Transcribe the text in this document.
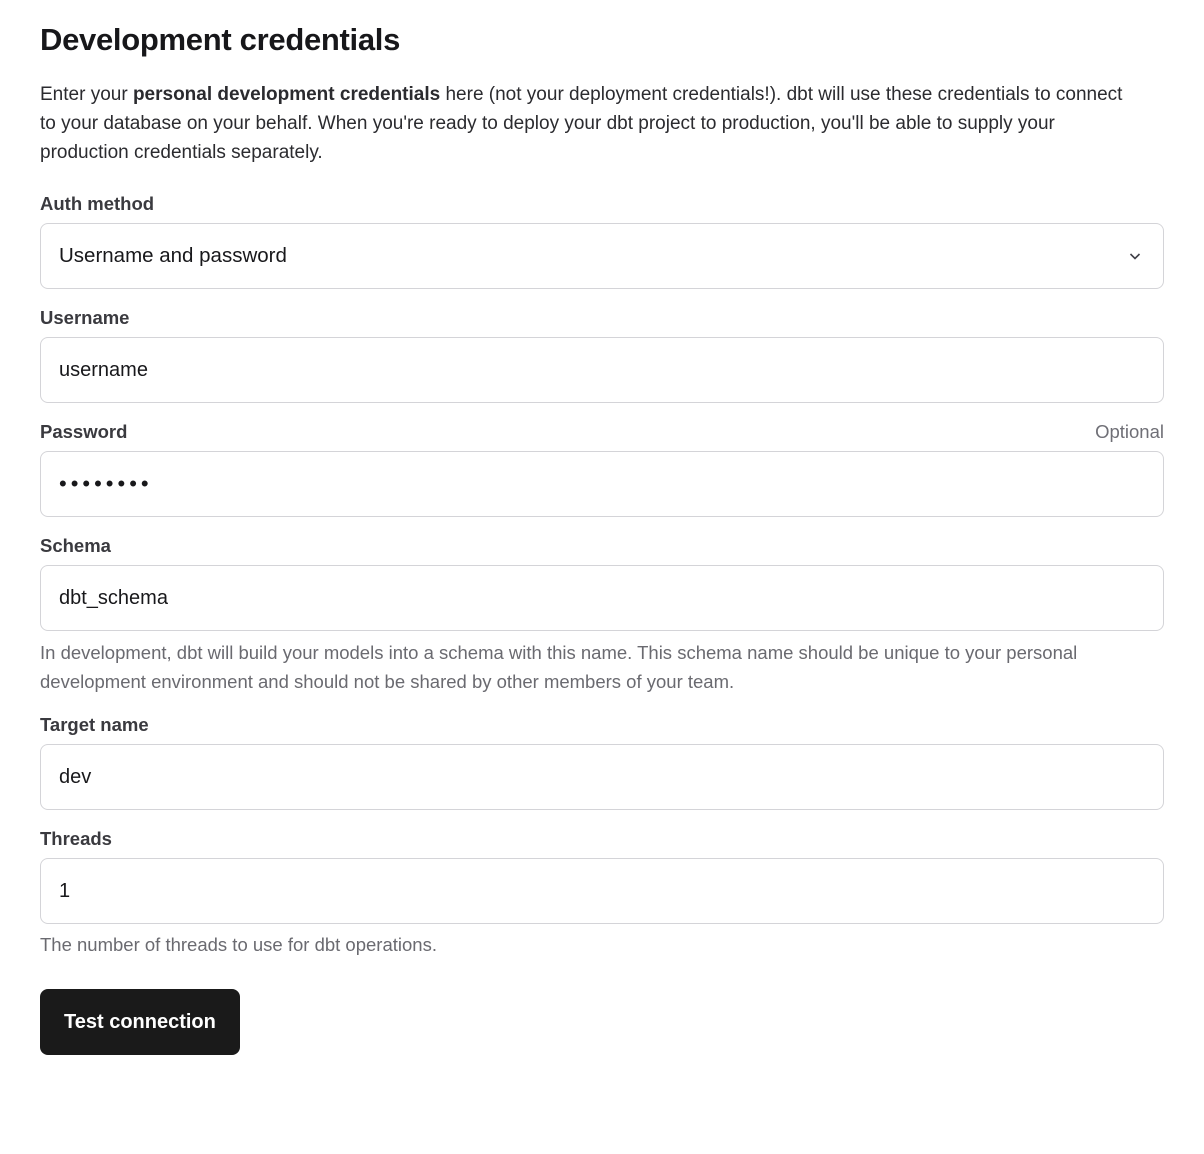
Development credentials

Enter your personal development credentials here (not your deployment credentials!). dbt will use these credentials to connect to your database on your behalf. When you're ready to deploy your dbt project to production, you'll be able to supply your production credentials separately.

Auth method
Username and password
Username
username
Password	Optional
••••••••
Schema
dbt_schema
In development, dbt will build your models into a schema with this name. This schema name should be unique to your personal development environment and should not be shared by other members of your team.
Target name
dev
Threads
1
The number of threads to use for dbt operations.
Test connection
